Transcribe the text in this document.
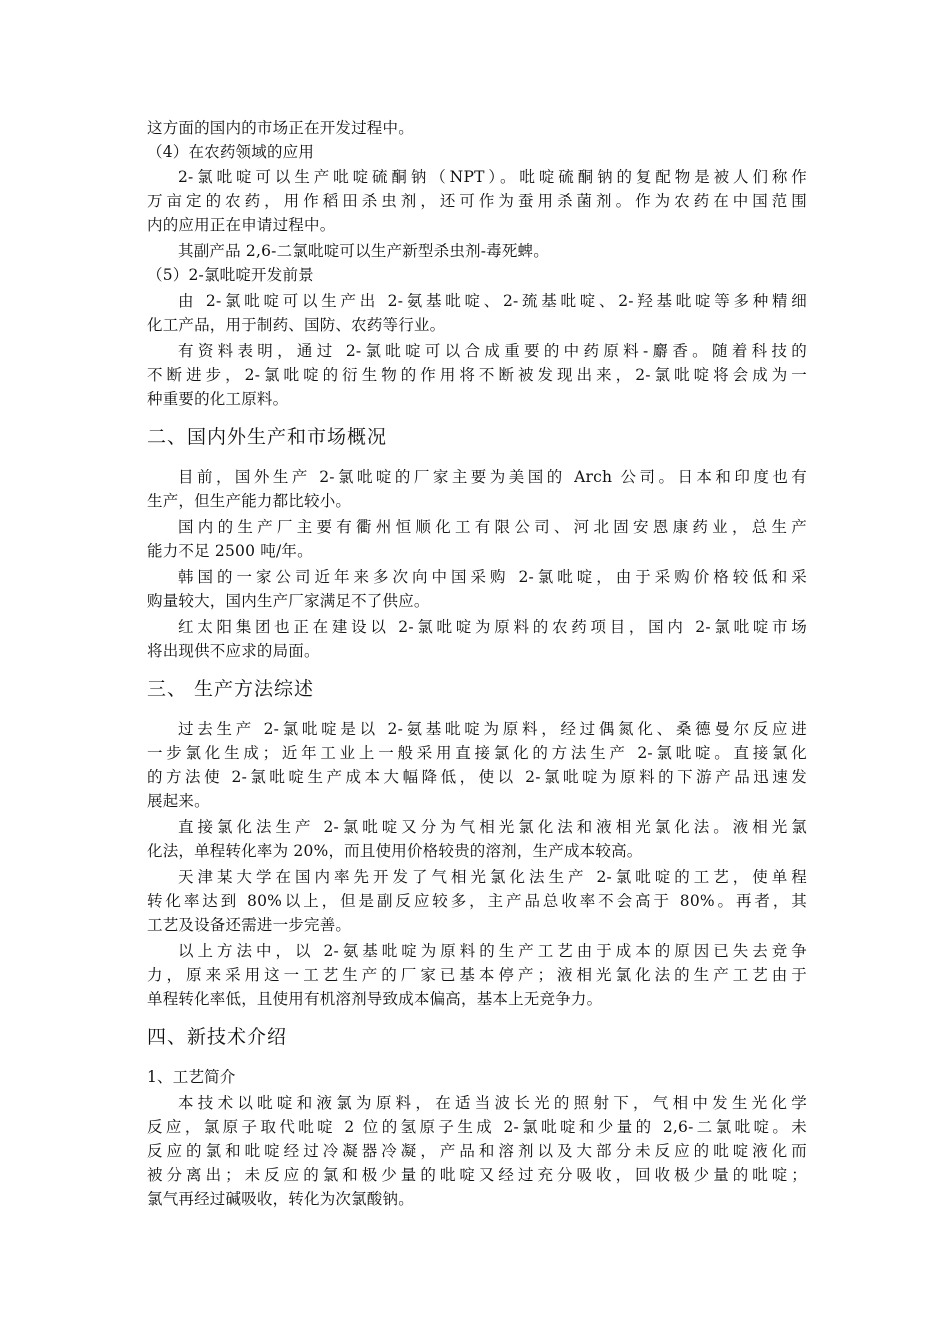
这方面的国内的市场正在开发过程中。
（4）在农药领域的应用
2-氯吡啶可以生产吡啶硫酮钠（NPT）。吡啶硫酮钠的复配物是被人们称作
万亩定的农药，用作稻田杀虫剂，还可作为蚕用杀菌剂。作为农药在中国范围
内的应用正在申请过程中。
其副产品 2,6-二氯吡啶可以生产新型杀虫剂-毒死蜱。
（5）2-氯吡啶开发前景
由 2-氯吡啶可以生产出 2-氨基吡啶、2-巯基吡啶、2-羟基吡啶等多种精细
化工产品，用于制药、国防、农药等行业。
有资料表明，通过 2-氯吡啶可以合成重要的中药原料-麝香。随着科技的
不断进步，2-氯吡啶的衍生物的作用将不断被发现出来，2-氯吡啶将会成为一
种重要的化工原料。
目前，国外生产 2-氯吡啶的厂家主要为美国的 Arch 公司。日本和印度也有
生产，但生产能力都比较小。
国内的生产厂主要有衢州恒顺化工有限公司、河北固安恩康药业，总生产
能力不足 2500 吨/年。
韩国的一家公司近年来多次向中国采购 2-氯吡啶，由于采购价格较低和采
购量较大，国内生产厂家满足不了供应。
红太阳集团也正在建设以 2-氯吡啶为原料的农药项目，国内 2-氯吡啶市场
将出现供不应求的局面。
过去生产 2-氯吡啶是以 2-氨基吡啶为原料，经过偶氮化、桑德曼尔反应进
一步氯化生成；近年工业上一般采用直接氯化的方法生产 2-氯吡啶。直接氯化
的方法使 2-氯吡啶生产成本大幅降低，使以 2-氯吡啶为原料的下游产品迅速发
展起来。
直接氯化法生产 2-氯吡啶又分为气相光氯化法和液相光氯化法。液相光氯
化法，单程转化率为 20%，而且使用价格较贵的溶剂，生产成本较高。
天津某大学在国内率先开发了气相光氯化法生产 2-氯吡啶的工艺，使单程
转化率达到 80%以上，但是副反应较多，主产品总收率不会高于 80%。再者，其
工艺及设备还需进一步完善。
以上方法中，以 2-氨基吡啶为原料的生产工艺由于成本的原因已失去竞争
力，原来采用这一工艺生产的厂家已基本停产；液相光氯化法的生产工艺由于
单程转化率低，且使用有机溶剂导致成本偏高，基本上无竞争力。
1、工艺简介
本技术以吡啶和液氯为原料，在适当波长光的照射下，气相中发生光化学
反应，氯原子取代吡啶 2 位的氢原子生成 2-氯吡啶和少量的 2,6-二氯吡啶。未
反应的氯和吡啶经过冷凝器冷凝，产品和溶剂以及大部分未反应的吡啶液化而
被分离出；未反应的氯和极少量的吡啶又经过充分吸收，回收极少量的吡啶；
氯气再经过碱吸收，转化为次氯酸钠。
二、国内外生产和市场概况
三、 生产方法综述
四、新技术介绍
